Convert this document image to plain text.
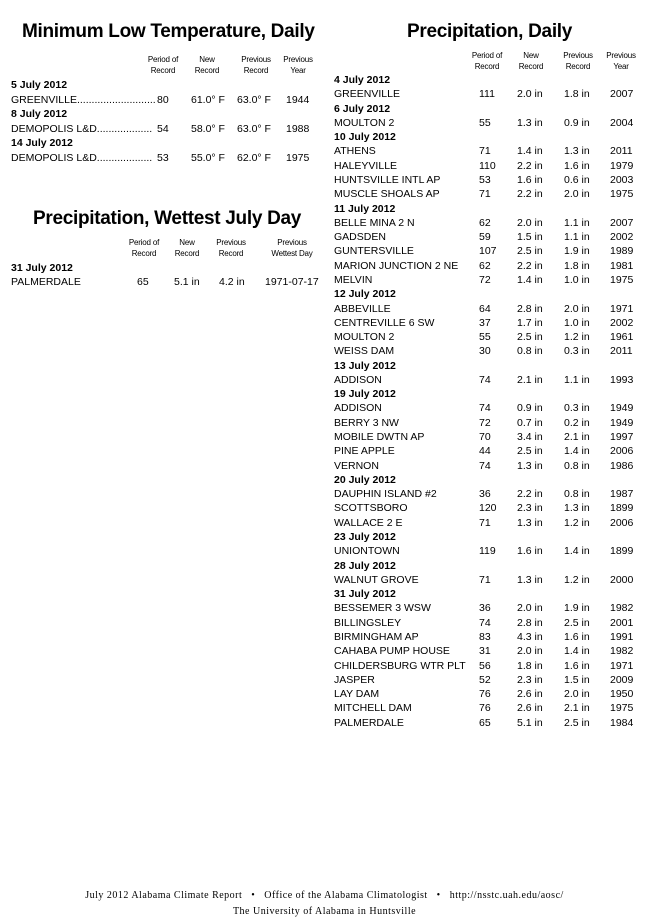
Minimum Low Temperature, Daily
Period of Record
New Record
Previous Record
Previous Year
5 July 2012
GREENVILLE........................... 80 61.0° F 63.0° F 1944
8 July 2012
DEMOPOLIS L&D................... 54 58.0° F 63.0° F 1988
14 July 2012
DEMOPOLIS L&D................... 53 55.0° F 62.0° F 1975
Precipitation, Wettest July Day
Period of Record
New Record
Previous Record
Previous Wettest Day
31 July 2012
PALMERDALE	65 5.1 in 4.2 in 1971-07-17
Precipitation, Daily
Period of Record
New Record
Previous Record
Previous Year
4 July 2012
GREENVILLE	111 2.0 in 1.8 in 2007
6 July 2012
MOULTON 2	55	1.3 in 0.9 in 2004
10 July 2012
ATHENS	71	1.4 in 1.3 in 2011
HALEYVILLE	110 2.2 in 1.6 in 1979
HUNTSVILLE INTL AP	53	1.6 in 0.6 in 2003
MUSCLE SHOALS AP	71	2.2 in 2.0 in 1975
11 July 2012
BELLE MINA 2 N	62	2.0 in 1.1 in 2007
GADSDEN	59	1.5 in 1.1 in 2002
GUNTERSVILLE	107 2.5 in 1.9 in 1989
MARION JUNCTION 2 NE 62	2.2 in 1.8 in 1981
MELVIN	72	1.4 in 1.0 in 1975
12 July 2012
ABBEVILLE	64	2.8 in 2.0 in 1971
CENTREVILLE 6 SW	37	1.7 in 1.0 in 2002
MOULTON 2	55	2.5 in 1.2 in 1961
WEISS DAM	30	0.8 in 0.3 in 2011
13 July 2012
ADDISON	74	2.1 in 1.1 in 1993
19 July 2012
ADDISON	74	0.9 in 0.3 in 1949
BERRY 3 NW	72	0.7 in 0.2 in 1949
MOBILE DWTN AP	70	3.4 in 2.1 in 1997
PINE APPLE	44	2.5 in 1.4 in 2006
VERNON	74	1.3 in 0.8 in 1986
20 July 2012
DAUPHIN ISLAND #2	36	2.2 in 0.8 in 1987
SCOTTSBORO	120 2.3 in 1.3 in 1899
WALLACE 2 E	71	1.3 in 1.2 in 2006
23 July 2012
UNIONTOWN	119 1.6 in 1.4 in 1899
28 July 2012
WALNUT GROVE	71	1.3 in 1.2 in 2000
31 July 2012
BESSEMER 3 WSW	36	2.0 in 1.9 in 1982
BILLINGSLEY	74	2.8 in 2.5 in 2001
BIRMINGHAM AP	83	4.3 in 1.6 in 1991
CAHABA PUMP HOUSE	31	2.0 in 1.4 in 1982
CHILDERSBURG WTR PLT 56	1.8 in 1.6 in 1971
JASPER	52	2.3 in 1.5 in 2009
LAY DAM	76	2.6 in 2.0 in 1950
MITCHELL DAM	76	2.6 in 2.1 in 1975
PALMERDALE	65	5.1 in 2.5 in 1984
July 2012 Alabama Climate Report   •   Office of the Alabama Climatologist   •   http://nsstc.uah.edu/aosc/
The University of Alabama in Huntsville
